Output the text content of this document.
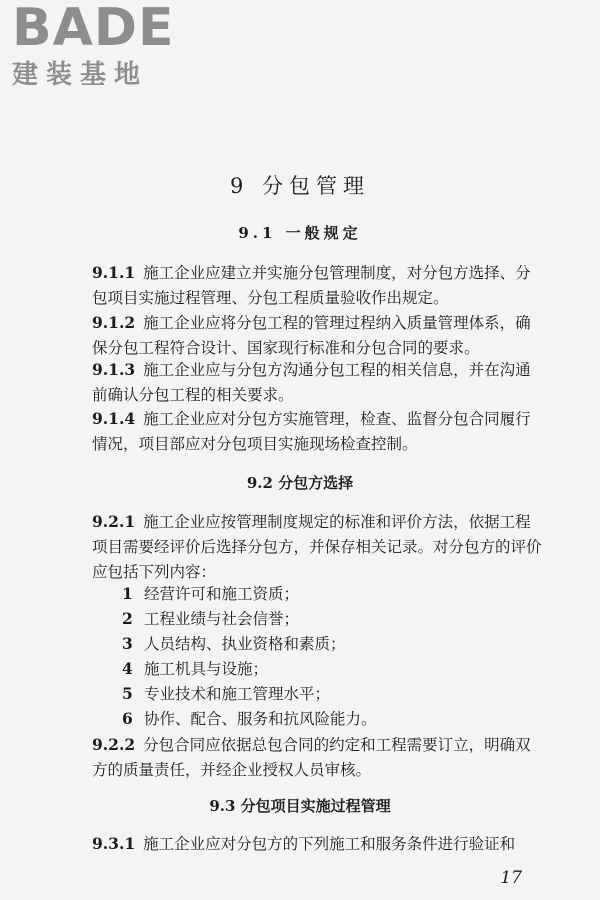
BADE
建装基地
9 分包管理
9.1 一般规定
9.1.1 施工企业应建立并实施分包管理制度，对分包方选择、分包项目实施过程管理、分包工程质量验收作出规定。
9.1.2 施工企业应将分包工程的管理过程纳入质量管理体系，确保分包工程符合设计、国家现行标准和分包合同的要求。
9.1.3 施工企业应与分包方沟通分包工程的相关信息，并在沟通前确认分包工程的相关要求。
9.1.4 施工企业应对分包方实施管理，检查、监督分包合同履行情况，项目部应对分包项目实施现场检查控制。
9.2 分包方选择
9.2.1 施工企业应按管理制度规定的标准和评价方法，依据工程项目需要经评价后选择分包方，并保存相关记录。对分包方的评价应包括下列内容：
1 经营许可和施工资质；
2 工程业绩与社会信誉；
3 人员结构、执业资格和素质；
4 施工机具与设施；
5 专业技术和施工管理水平；
6 协作、配合、服务和抗风险能力。
9.2.2 分包合同应依据总包合同的约定和工程需要订立，明确双方的质量责任，并经企业授权人员审核。
9.3 分包项目实施过程管理
9.3.1 施工企业应对分包方的下列施工和服务条件进行验证和
17
